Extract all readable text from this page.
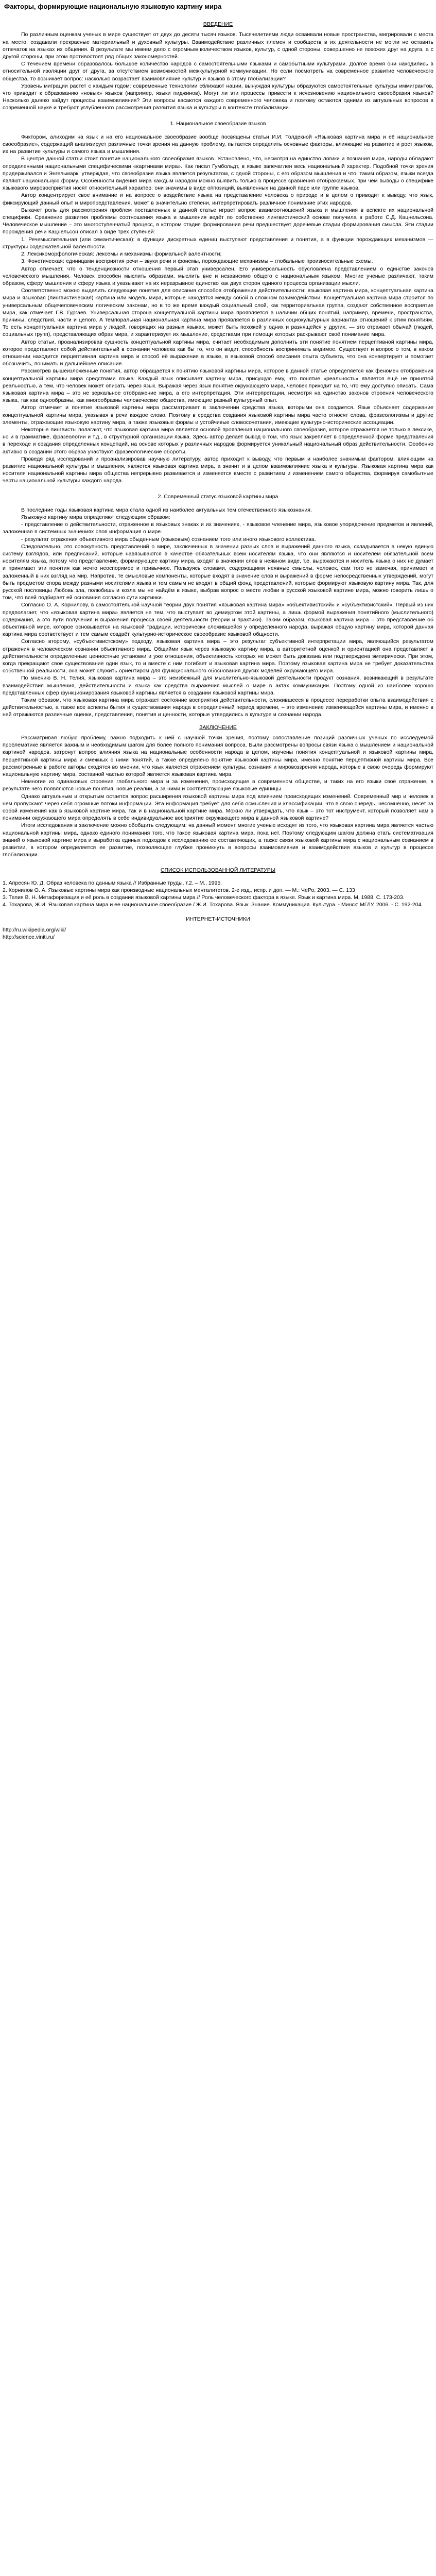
Факторы, формирующие национальную языковую картину мира
ВВЕДЕНИЕ

По различным оценкам ученых в мире существует от двух до десяти тысяч языков. Тысячелетиями люди осваивали новые пространства, мигрировали с места на место, создавали прекрасные материальный и духовный культуры. Взаимодействие различных племен и сообществ в их деятельности не могли не оставить отпечаток на языках их общения. В результате мы имеем дело с огромным количеством языков, культур, с одной стороны, совершенно не похожих друг на друга, а с другой стороны, при этом противостоят ряд общих закономерностей.

С течением времени образовалось большое количество народов с самостоятельными языками и самобытными культурами. Долгое время они находились в относительной изоляции друг от друга, за отсутствием возможностей межкультурной коммуникации. Но если посмотреть на современное развитие человеческого общества, то возникает вопрос: насколько возрастает взаимовлияние культур и языков в этому глобализации?

Уровень миграции растет с каждым годом: современные технологии сближают нации, вынуждая культуры образуются самостоятельные культуры иммигрантов, что приводит к образованию «новых» языков (например, языки пиджинов). Могут ли эти процессы привести к исчезновению национального своеобразия языков? Насколько далеко зайдут процессы взаимовлияния? Эти вопросы касаются каждого современного человека и поэтому остаются одними из актуальных вопросов в современной науке и требуют углубленного рассмотрения развития языка и культуры в контексте глобализации.

1. Национальное своеобразие языков

Фиктором, алиходим на язык и на его национальное своеобразие вообще посвящены статьи И.И. Толдекной «Языковая картина мира и её национальное своеобразие», содержащий анализирует различные точки зрения на данную проблему, пытается определить основные факторы, влияющие на развитие и рост языков, их на развитие культуры и самого языка и мышления.

В центре данной статьи стоит понятие национального своеобразия языков. Установлено, что, несмотря на единство логики и познания мира, народы обладают определенными национальными специфическими «картинами мира». Как писал Гумбольдт, в языке запечатлен весь национальный характер. Подобной точки зрения придерживался и Энгельмарк, утверждая, что своеобразие языка является результатом, с одной стороны, с его образом мышления и что, таким образом, языки всегда являют национальную форму. Особенности видения мира каждым народом можно выявить только в процессе сравнения отображаемых, при чем выводы о специфике языкового мировосприятия носят относительный характер: они значимы в виде оппозиций, выявленных на данной паре или группе языков.

Автор концентрирует свое внимание и на вопросе о воздействие языка на представление человека о природе и в целом о приводит к выводу, что язык, фиксирующий данный опыт и миропредставления, может в значительно степени, интерпретировать различное понимание этих народов.

Выкачет роль для рассмотрения проблем поставленных в данной статье играет вопрос взаимоотношений языка и мышления в аспекте их национальной специфики. Сравнение развития проблемы соотношения языка и мышления ведёт по собственно лингвистический основе получила в работе С.Д. Кацнельсона. Человеческое мышление – это многоступенчатый процесс, в котором стадия формирования речи предшествует доречевые стадии формирования смысла. Эти стадии порождения речи Кацнельсон описал в виде трех ступеней:

1. Речемыслительная (или семантическая): в функции дискретных единиц выступают представления и понятия, а в функции порождающих механизмов — структуры содержательной валентности.

2. Лексикоморфологическая: лексемы и механизмы формальной валентности;

3. Фонетическая: единицами восприятия речи – звуки речи и фонемы, порождающие механизмы – глобальные произносительные схемы.

Автор отмечает, что о тенденциозности отношения первый этап универсален. Его универсальность обусловлена представлением о единстве законов человеческого мышления. Человек способен мыслить образами, мыслить вне и независимо общего с национальным языком. Многие ученые различают, таким образом, сферу мышления и сферу языка и указывают на их неразрывное единство как двух сторон единого процесса организации мысли.

Соответственно можно выделить следующие понятия для описания способов отображения действительности: языковая картина мира, концептуальная картина мира и языковая (лингвистическая) картина или модель мира, которые находятся между собой в сложном взаимодействии. Концептуальная картина мира строится по универсальным общечеловеческим логическим законам, но в то же время каждый социальный слой, как территориальная группа, создают собственное восприятие мира, как отмечает Г.В. Гургаев. Универсальная сторона концептуальной картины мира проявляется в наличии общих понятий, например, времени, пространства, причины, следствия, части и целого. А темпоральная национальная картина мира проявляется в различных социокультурных вариантах отношений к этим понятиям. То есть концептуальная картина мира у людей, говорящих на разных языках, может быть похожей у одних и разнящейся у других, — это отражает обычай (людей, социальных групп), представляющих образ мира, и характеризует их мышление, средствами при помощи которых раскрывают своё понимание мира.

Автор статьи, проанализировав сущность концептуальной картины мира, считает необходимым дополнить эти понятие понятием перцептивной картины мира, которое представляет собой действительный в сознании человека как бы то, что он видит, способность воспринимать видимое. Существует и вопрос о том, в каком отношении находится перцептивная картина мира и способ её выражения в языке, в языковой способ описания опыта субъекта, что она конвертирует и помогает обозначить, понимать и дальнейшее описание.

Рассмотрев вышеизложенные понятия, автор обращается к понятию языковой картины мира, которое в данной статье определяется как феномен отображения концептуальной картины мира средствами языка. Каждый язык описывает картину мира, присущую ему, что понятие «реальность» является ещё не принятой реальностью, а тем, что человек может описать через язык. Выражая через язык понятие окружающего мира, человек приходит на то, что ему доступно описать. Сама языковая картина мира – это не зеркальное отображение мира, а его интерпретация. Эти интерпретации, несмотря на единство законов строения человеческого языка, так как однообразны, как многообразны человеческие общества, имеющие разный культурный опыт.

Автор отмечает и понятие языковой картины мира рассматривает в заключении средства языка, которыми она создается. Язык объясняет содержание концептуальной картины мира, указывая в речи каждое слово. Поэтому в средства создания языковой картины мира часто относят слова, фразеологизмы и другие элементы, отражающие языковую картину мира, а также языковые формы и устойчивые словосочетания, имеющие культурно-исторические ассоциации.

Некоторые лингвисты полагают, что языковая картина мира является основой проявления национального своеобразия, которое отражается не только в лексике, но и в грамматике, фразеологии и т.д., в структурной организации языка. Здесь автор делает вывод о том, что язык закрепляет в определенной форме представления в переходе и создания определенных концепций, на основе которых у различных народов формируется уникальный национальный образ действительности. Особенно активно в создании этого образа участвуют фразеологические обороты.

Проведя ряд исследований и проанализировав научную литературу, автор приходит к выводу, что первым и наиболее значимым фактором, влияющим на развитие национальной культуры и мышления, является языковая картина мира, а значит и в целом взаимовлияние языка и культуры. Языковая картина мира как носителя национальной картины мира общества непрерывно развивается и изменяется вместе с развитием и изменением самого общества, формируя самобытные черты национальной культуры каждого народа.

2. Современный статус языковой картины мира

В последние годы языковая картина мира стала одной из наиболее актуальных тем отечественного языкознания.

Языковую картину мира определяют следующим образом:

- представление о действительности, отраженное в языковых знаках и их значениях, - языковое членение мира, языковое упорядочение предметов и явлений, заложенная в системных значениях слов информация о мире.

- результат отражения объективного мира обыденным (языковым) сознанием того или иного языкового коллектива.

Следовательно, это совокупность представлений о мире, заключенных в значении разных слов и выражений данного языка, складывается в некую единую систему взглядов, или предписаний, которые навязываются в качестве обязательных всем носителям языка, что они являются и носителем обязательной всем носителям языка, потому что представление, формирующее картину мира, входят в значении слов в неявном виде, т.е. выражаются и носитель языка о них не думает и принимает эти понятия как нечто неоспоримое и привычное. Пользуясь словами, содержащими неявные смыслы, человек, сам того не замечая, принимает и заложенный в них взгляд на мир. Напротив, те смысловые компоненты, которые входят в значение слов и выражений в форме непосредственных утверждений, могут быть предметом спора между разными носителями языка и тем самым не входят в общий фонд представлений, которые формируют языковую картину мира. Так, для русской пословицы Любовь зла, полюбишь и козла мы не найдём в языке, выбрав вопрос о месте любви в русской языковой картине мира, можно говорить лишь о том, что всей подбирает ей основания согласно сути картинки.

Согласно О. А. Корнилову, в самостоятельной научной теории двух понятия «языковая картина мира» «объективистский» и «субъективистский». Первый из них предполагает, что «языковая картина мира» является не тем, что выступает во демиургом этой картины, а лишь формой выражения понятийного (мыслительного) содержания, а это пути получения и выражения процесса своей деятельности (теории и практики). Таким образом, языковая картина мира – это представление об объективной мире, которое основывается на языковой традиции, исторически сложившейся у определенного народа, выражая общую картину мира, которой данная картина мира соответствует и тем самым создаёт культурно-историческое своеобразие языковой общности.

Согласно второму, «субъективистскому» подходу, языковая картина мира – это результат субъективной интерпретации мира, являющийся результатом отражения в человеческом сознании объективного мира. Общийми язык через языковую картину мира, а авторитетной оценкой и ориентацией она представляет в действительности определенные ценностные установки и уже отношения, объективность которых не может быть доказана или подтверждена эмпирически. При этом, когда прекращают свое существование одни язык, то и вместе с ним погибает и языковая картина мира. Поэтому языковая картина мира не требует доказательства собственной реальности, она может служить ориентиром для функционального обоснования других моделей окружающего мира.

По мнению В. Н. Телия, языковая картина мира – это неизбежный для мыслительно-языковой деятельности продукт сознания, возникающий в результате взаимодействия мышления, действительности и языка как средства выражения мыслей о мире в актах коммуникации. Поэтому одной из наиболее хорошо представленных сфер функционирования языковой картины является в создании языковой картины мира.

Таким образом, что языковая картина мира отражает состояние восприятия действительности, сложившееся в процессе переработки опыта взаимодействия с действительностью, а также все аспекты бытия и существования народа в определенный период времени, – это изменение изменяющейся картины мира, и именно в ней отражаются различные оценки, представления, понятия и ценности, которые утвердились в культуре и сознании народа.

ЗАКЛЮЧЕНИЕ

Рассматривая любую проблему, важно подходить к ней с научной точки зрения, поэтому сопоставление позиций различных ученых по исследуемой проблематике является важным и необходимым шагом для более полного понимания вопроса. Были рассмотрены вопросы связи языка с мышлением и национальной картиной народов, затронут вопрос влияния языка на национальные особенности народа в целом, изучены понятия концептуальной и языковой картины мира, перцептивной картины мира и смежных с ними понятий, а также определено понятие языковой картины мира, именно понятие перцептивной картины мира. Все рассмотренные в работе авторы сходятся во мнении, что язык является отражением культуры, сознания и мировоззрения народа, которые в свою очередь формируют национальную картину мира, составной частью которой является языковая картина мира.

Немногие из одинаковых строение глобального мира и за изменения, происходящие в современном обществе, и таких на его языки своё отражение, в результате чего появляются новые понятия, новые реалии, а за ними и соответствующие языковые единицы.

Однако актуальным и открытым остается вопрос расширения языковой картины мира под влиянием происходящих изменений. Современный мир и человек в нем пропускают через себя огромные потоки информации. Эта информация требует для себя осмысления и классификации, что в свою очередь, несомненно, несет за собой изменения как в языковой картине мира, так и в национальной картине мира. Можно ли утверждать, что язык – это тот инструмент, который позволяет нам в понимании окружающего мира определять в себе индивидуальное восприятие окружающего мира в данной языковой картине?

Итоги исследования в заключение можно обобщить следующим: на данный момент многие ученые исходят из того, что языковая картина мира является частью национальной картины мира, однако единого понимания того, что такое языковая картина мира, пока нет. Поэтому следующим шагом должна стать систематизация знаний о языковой картине мира и выработка единых подходов к исследованию ее составляющих, а также связи языковой картины мира с национальным сознанием в развитии, в котором определяется ее развитие, позволяющее глубже проникнуть в вопросы взаимовлияния и взаимодействия языков и культур в процессе глобализации.

СПИСОК ИСПОЛЬЗОВАННОЙ ЛИТЕРАТУРЫ

1. Апресян Ю. Д. Образ человека по данным языка // Избранные труды, т.2. – М., 1995.

2. Корнилов О. А. Языковые картины мира как производные национальных менталитетов. 2-е изд., испр. и доп. — М.: ЧеРо, 2003. — С. 133

3. Телия В. Н. Метафоризация и её роль в создании языковой картины мира // Роль человеческого фактора в языке. Язык и картина мира. М, 1988. С. 173-203.

4. Тохарова, Ж.И. Языковая картина мира и ее национальное своеобразие / Ж.И. Тохарова. Язык. Знание. Коммуникация. Культура. - Минск: МГЛУ, 2006. - С. 192-204.

ИНТЕРНЕТ-ИСТОЧНИКИ

http://ru.wikipedia.org/wiki/

http://science.viniti.ru/
